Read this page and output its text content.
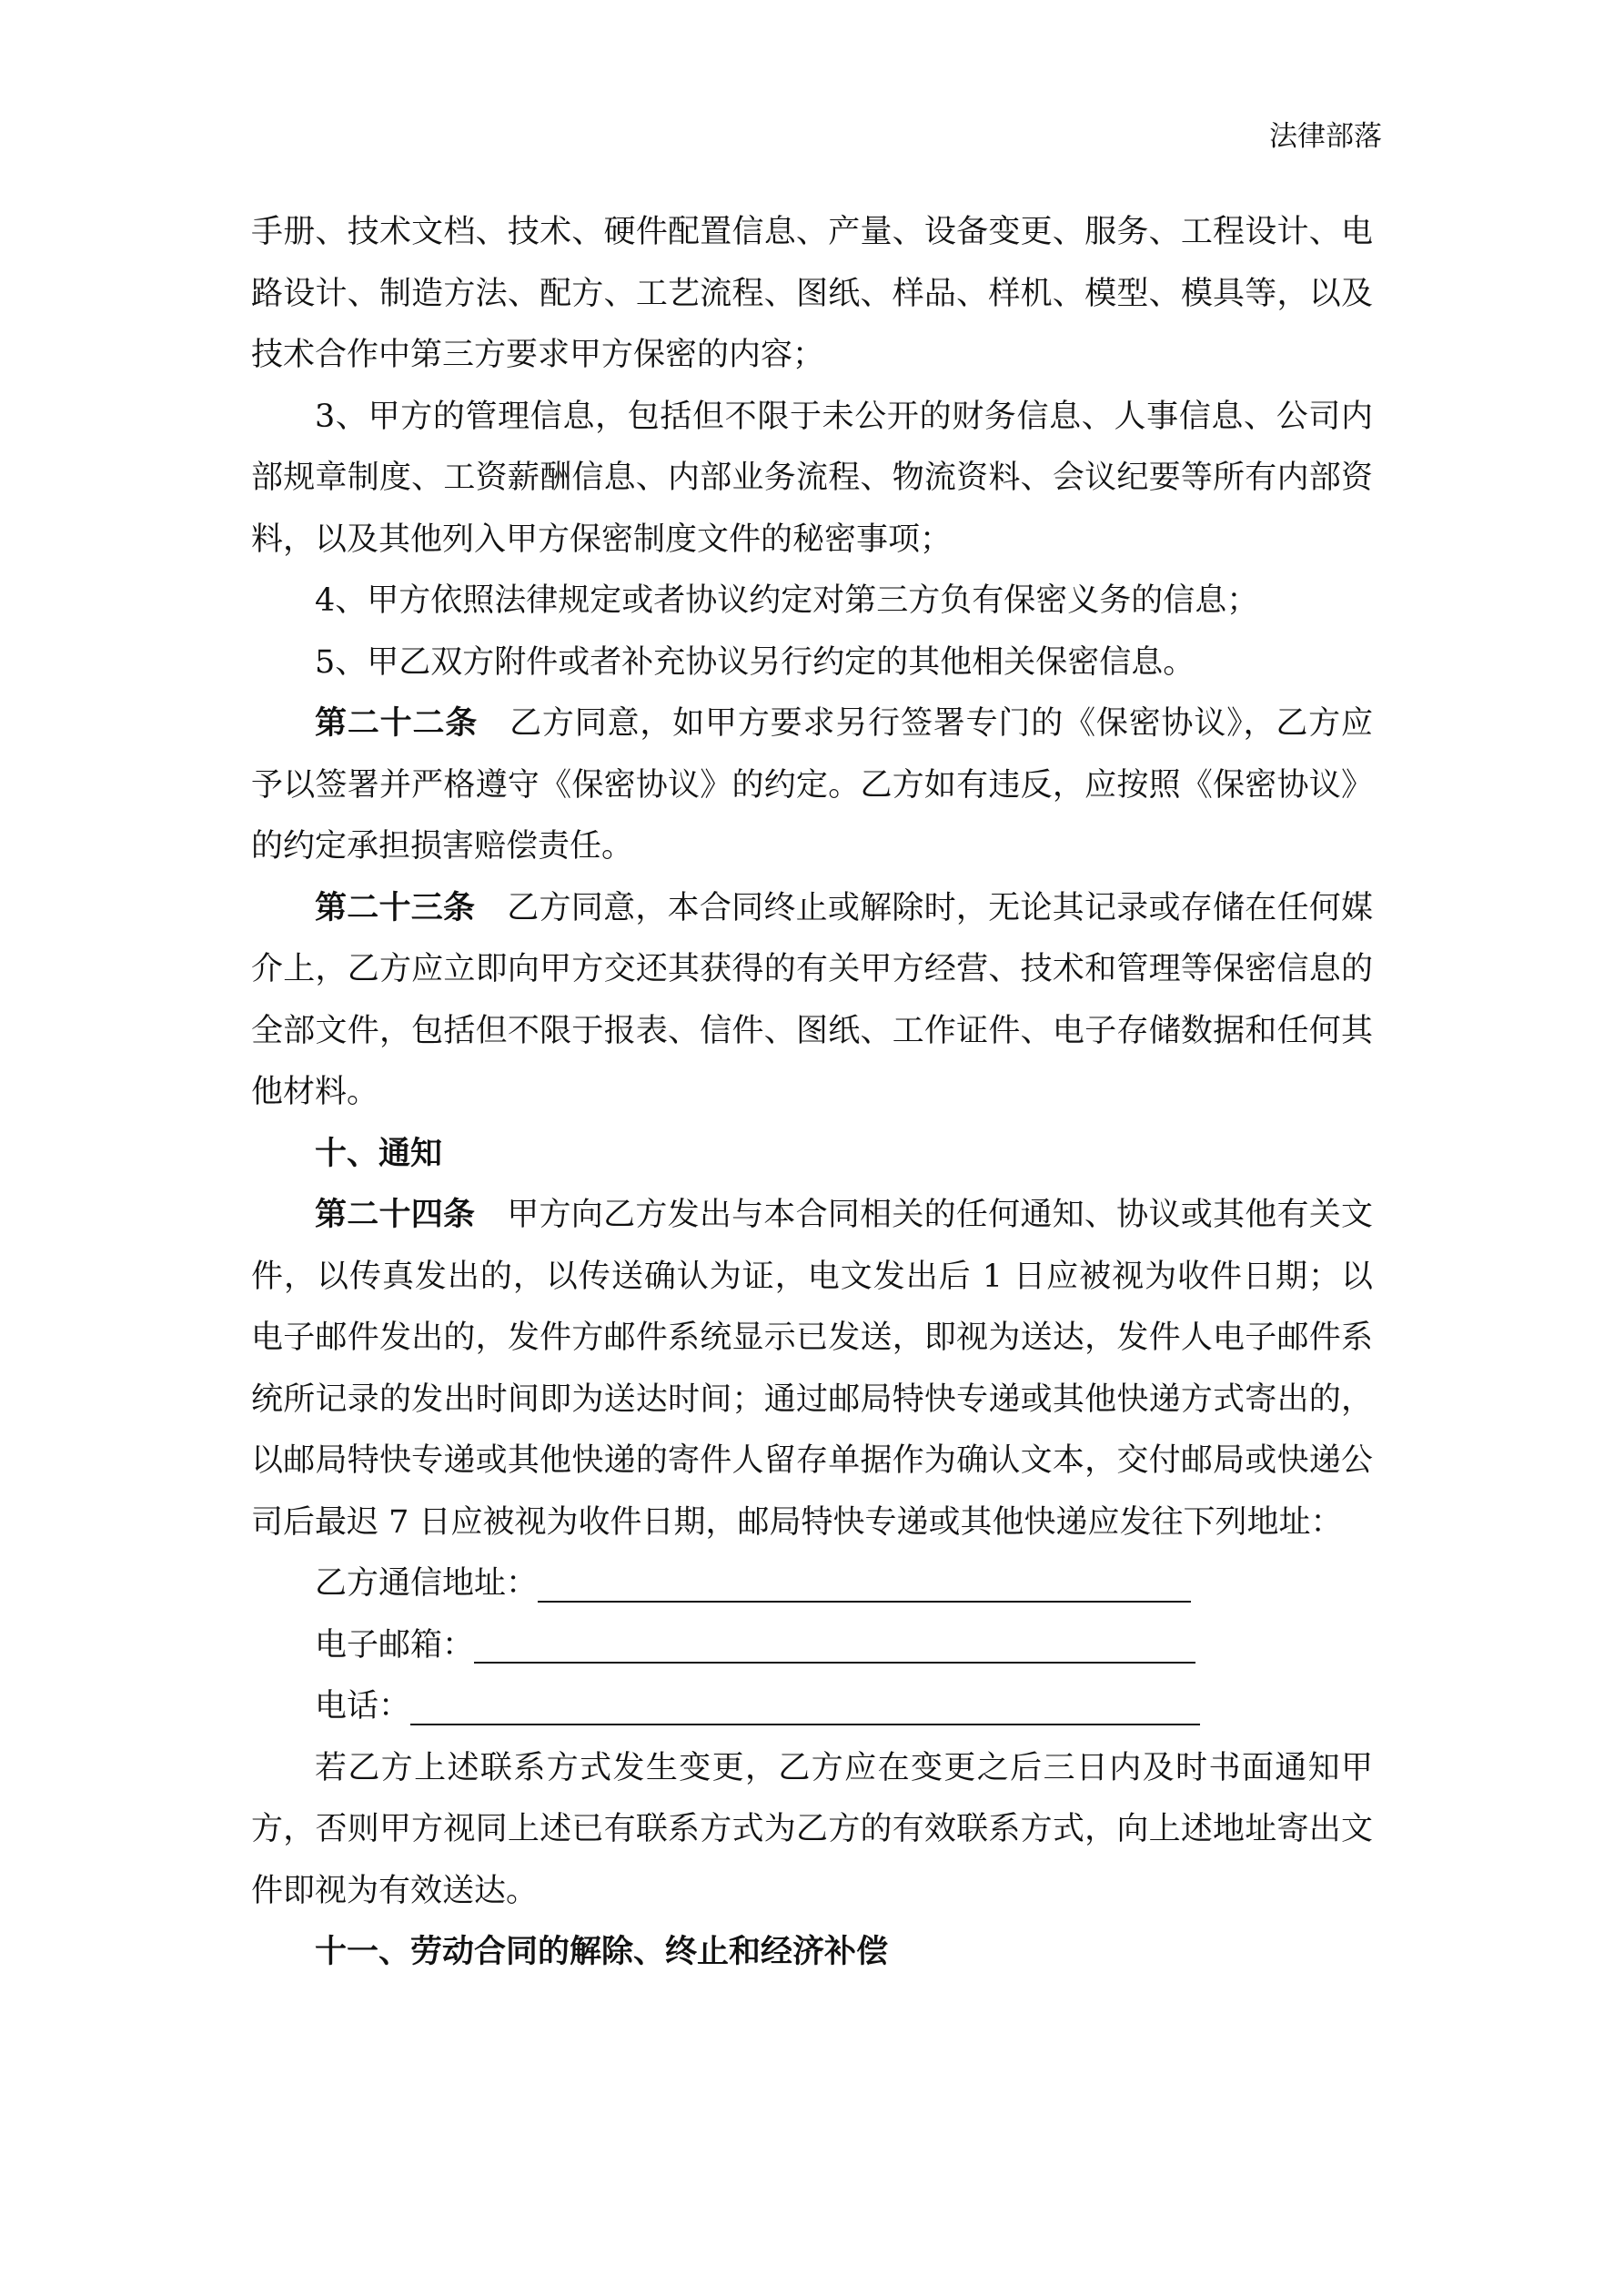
法律部落

手册、技术文档、技术、硬件配置信息、产量、设备变更、服务、工程设计、电路设计、制造方法、配方、工艺流程、图纸、样品、样机、模型、模具等，以及技术合作中第三方要求甲方保密的内容；

3、甲方的管理信息，包括但不限于未公开的财务信息、人事信息、公司内部规章制度、工资薪酬信息、内部业务流程、物流资料、会议纪要等所有内部资料，以及其他列入甲方保密制度文件的秘密事项；

4、甲方依照法律规定或者协议约定对第三方负有保密义务的信息；

5、甲乙双方附件或者补充协议另行约定的其他相关保密信息。

第二十二条 乙方同意，如甲方要求另行签署专门的《保密协议》，乙方应予以签署并严格遵守《保密协议》的约定。乙方如有违反，应按照《保密协议》的约定承担损害赔偿责任。

第二十三条 乙方同意，本合同终止或解除时，无论其记录或存储在任何媒介上，乙方应立即向甲方交还其获得的有关甲方经营、技术和管理等保密信息的全部文件，包括但不限于报表、信件、图纸、工作证件、电子存储数据和任何其他材料。

十、通知

第二十四条 甲方向乙方发出与本合同相关的任何通知、协议或其他有关文件，以传真发出的，以传送确认为证，电文发出后 1 日应被视为收件日期；以电子邮件发出的，发件方邮件系统显示已发送，即视为送达，发件人电子邮件系统所记录的发出时间即为送达时间；通过邮局特快专递或其他快递方式寄出的，以邮局特快专递或其他快递的寄件人留存单据作为确认文本，交付邮局或快递公司后最迟 7 日应被视为收件日期，邮局特快专递或其他快递应发往下列地址：

乙方通信地址：
电子邮箱：
电话：

若乙方上述联系方式发生变更，乙方应在变更之后三日内及时书面通知甲方，否则甲方视同上述已有联系方式为乙方的有效联系方式，向上述地址寄出文件即视为有效送达。

十一、劳动合同的解除、终止和经济补偿
